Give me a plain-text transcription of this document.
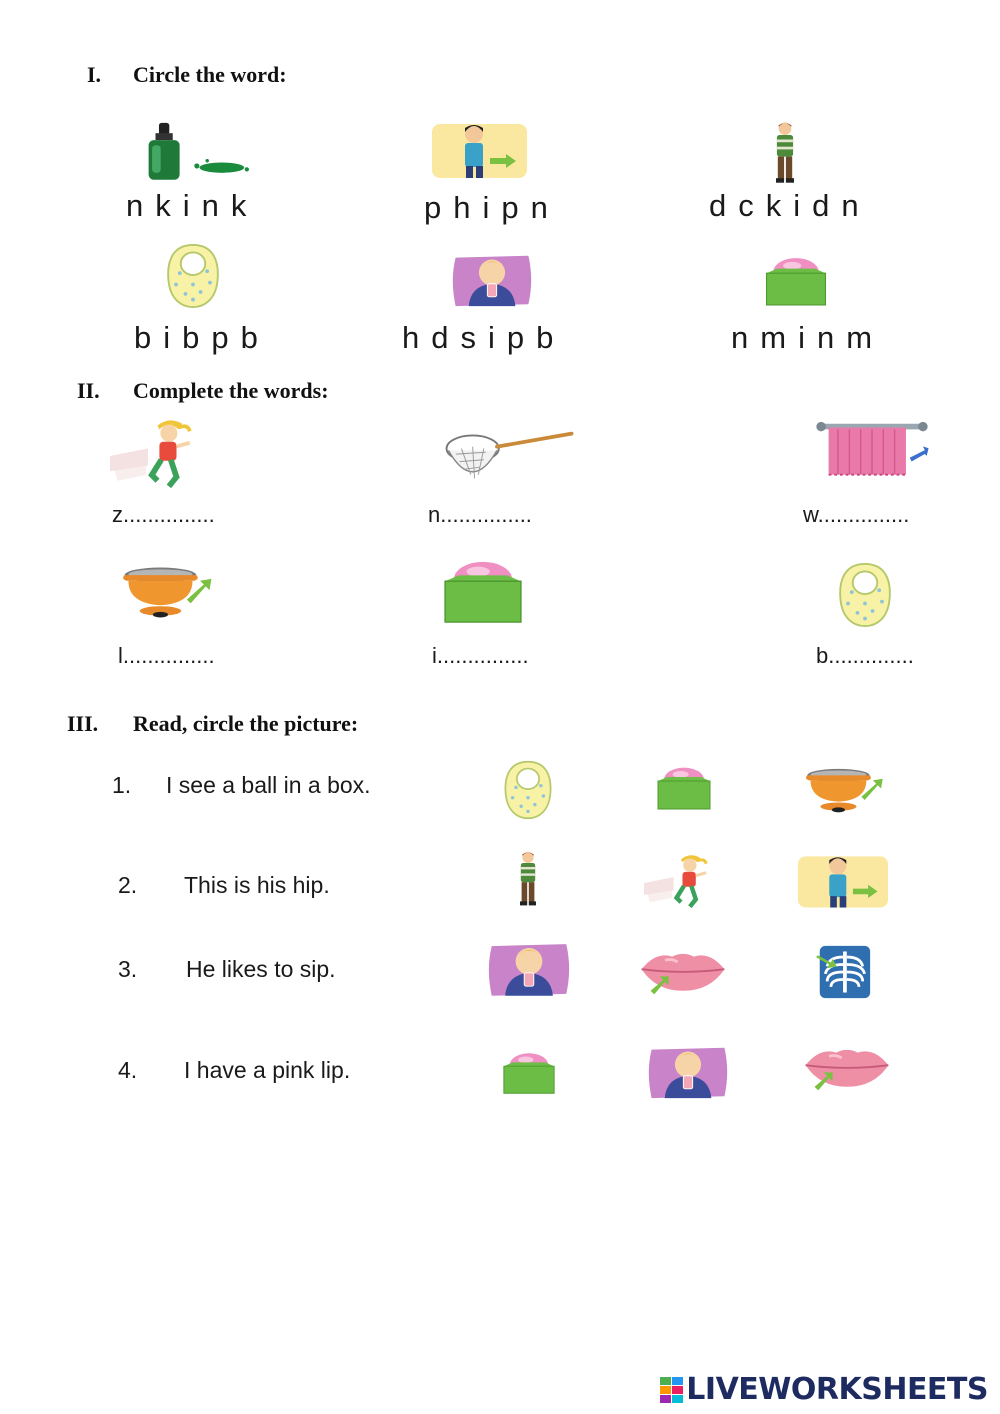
I. Circle the word:
nkink	phipn	dckidn
bibpb	hdsipb	nminm
II. Complete the words:
z...............	n...............	w...............
l...............	i...............	b..............
III. Read, circle the picture:
1. I see a ball in a box.
2. This is his hip.
3. He likes to sip.
4. I have a pink lip.
LIVEWORKSHEETS
